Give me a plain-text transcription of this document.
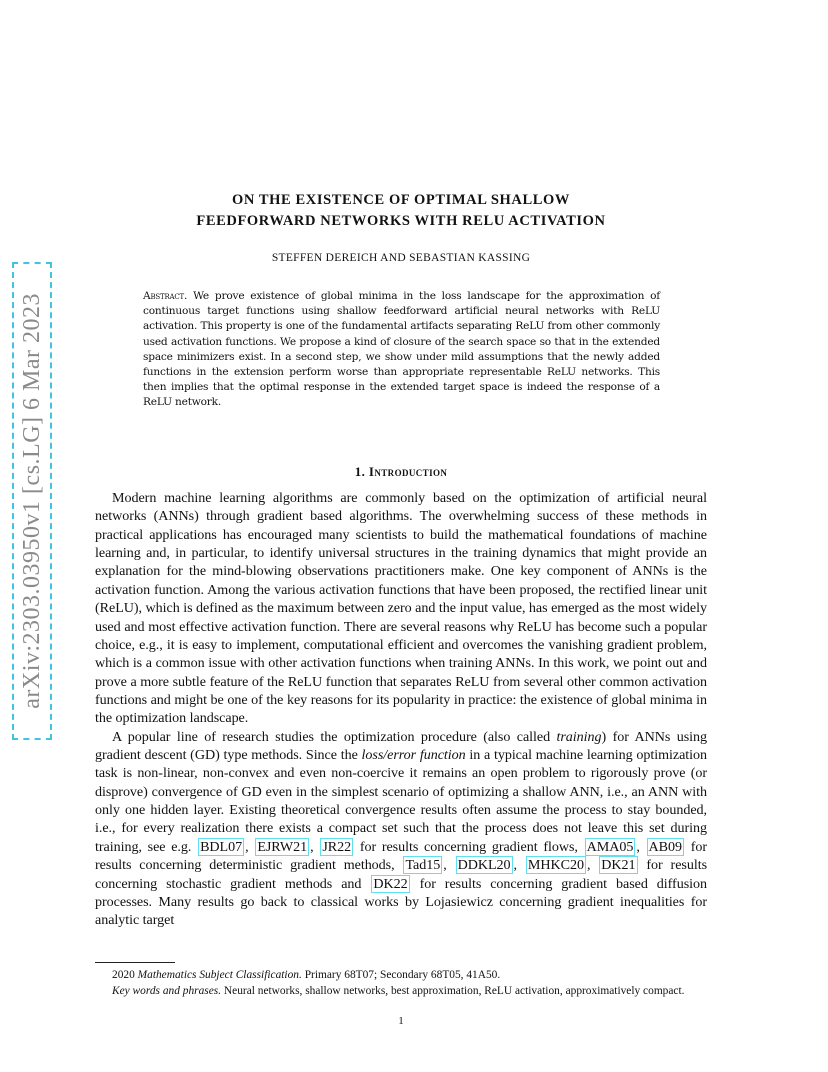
arXiv:2303.03950v1 [cs.LG] 6 Mar 2023
ON THE EXISTENCE OF OPTIMAL SHALLOW
FEEDFORWARD NETWORKS WITH RELU ACTIVATION
STEFFEN DEREICH AND SEBASTIAN KASSING

Abstract. We prove existence of global minima in the loss landscape for the approximation of continuous target functions using shallow feedforward artificial neural networks with ReLU activation. This property is one of the fundamental artifacts separating ReLU from other commonly used activation functions. We propose a kind of closure of the search space so that in the extended space minimizers exist. In a second step, we show under mild assumptions that the newly added functions in the extension perform worse than appropriate representable ReLU networks. This then implies that the optimal response in the extended target space is indeed the response of a ReLU network.

1. Introduction

Modern machine learning algorithms are commonly based on the optimization of artificial neural networks (ANNs) through gradient based algorithms. The overwhelming success of these methods in practical applications has encouraged many scientists to build the mathematical foundations of machine learning and, in particular, to identify universal structures in the training dynamics that might provide an explanation for the mind-blowing observations practitioners make. One key component of ANNs is the activation function. Among the various activation functions that have been proposed, the rectified linear unit (ReLU), which is defined as the maximum between zero and the input value, has emerged as the most widely used and most effective activation function. There are several reasons why ReLU has become such a popular choice, e.g., it is easy to implement, computational efficient and overcomes the vanishing gradient problem, which is a common issue with other activation functions when training ANNs. In this work, we point out and prove a more subtle feature of the ReLU function that separates ReLU from several other common activation functions and might be one of the key reasons for its popularity in practice: the existence of global minima in the optimization landscape.

A popular line of research studies the optimization procedure (also called training) for ANNs using gradient descent (GD) type methods. Since the loss/error function in a typical machine learning optimization task is non-linear, non-convex and even non-coercive it remains an open problem to rigorously prove (or disprove) convergence of GD even in the simplest scenario of optimizing a shallow ANN, i.e., an ANN with only one hidden layer. Existing theoretical convergence results often assume the process to stay bounded, i.e., for every realization there exists a compact set such that the process does not leave this set during training, see e.g. BDL07 , EJRW21 , JR22 for results concerning gradient flows, AMA05 , AB09 for results concerning deterministic gradient methods, Tad15 , DDKL20 , MHKC20 , DK21 for results concerning stochastic gradient methods and DK22 for results concerning gradient based diffusion processes. Many results go back to classical works by Lojasiewicz concerning gradient inequalities for analytic target

2020 Mathematics Subject Classification. Primary 68T07; Secondary 68T05, 41A50.

Key words and phrases. Neural networks, shallow networks, best approximation, ReLU activation, approximatively compact.

1
